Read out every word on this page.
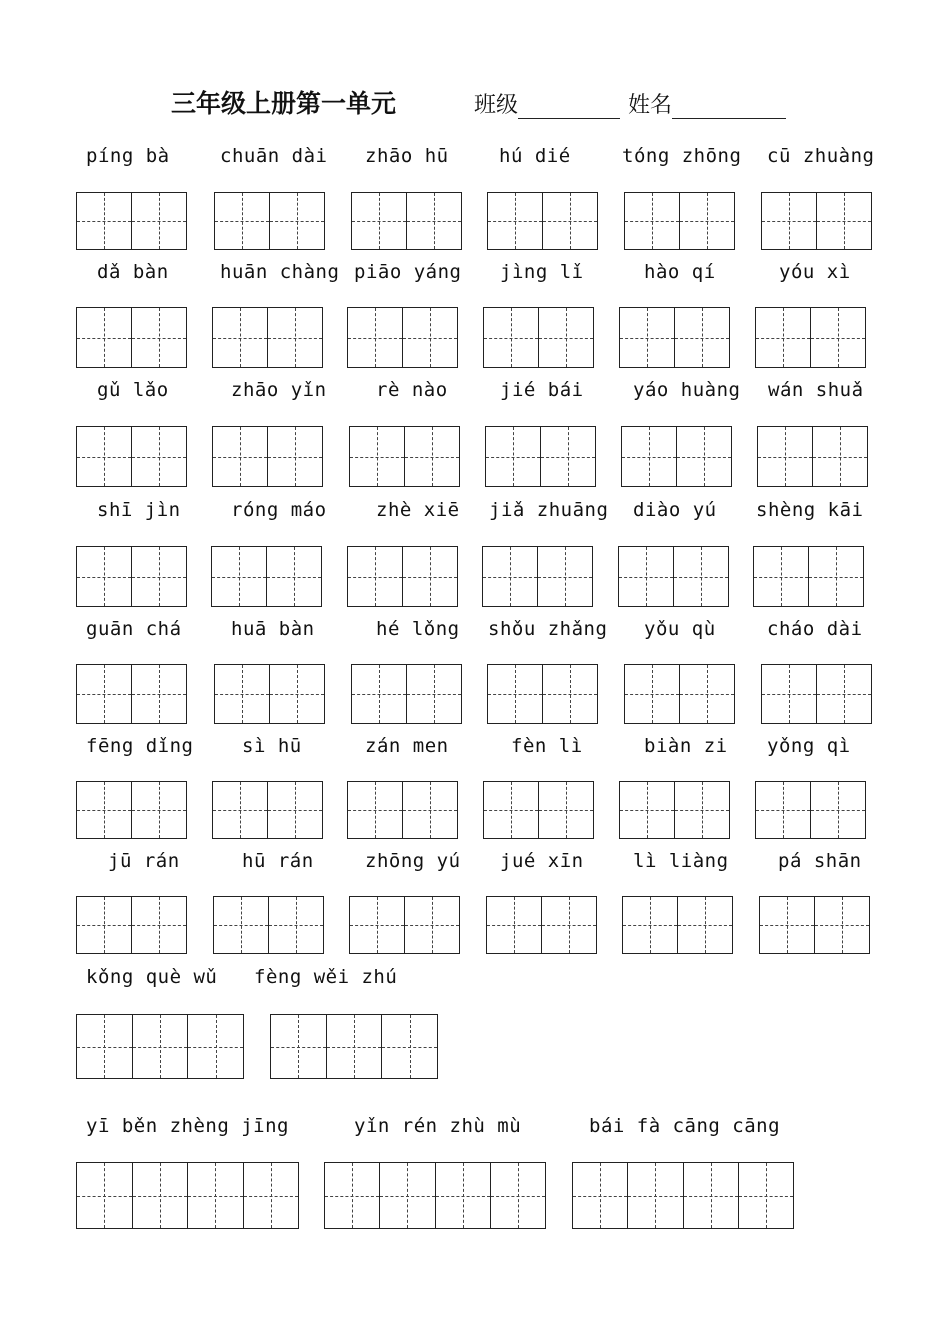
三年级上册第一单元	班级	姓名
píng bà	chuān dài zhāo hū	hú dié	tóng zhōng cū zhuàng
dǎ bàn	huān chàng piāo yáng jìng lǐ	hào qí	yóu xì
gǔ lǎo	zhāo yǐn	rè nào	jié bái	yáo huàng wán shuǎ
shī jìn	róng máo	zhè xiē jiǎ zhuāng diào yú shèng kāi
guān chá	huā bàn	hé lǒng shǒu zhǎng yǒu qù	cháo dài
fēng dǐng	sì hū	zán men	fèn lì	biàn zi yǒng qì
jū rán	hū rán	zhōng yú jué xīn	lì liàng	pá shān
kǒng què wǔ fèng wěi zhú
yī běn zhèng jīng	yǐn rén zhù mù	bái fà cāng cāng
